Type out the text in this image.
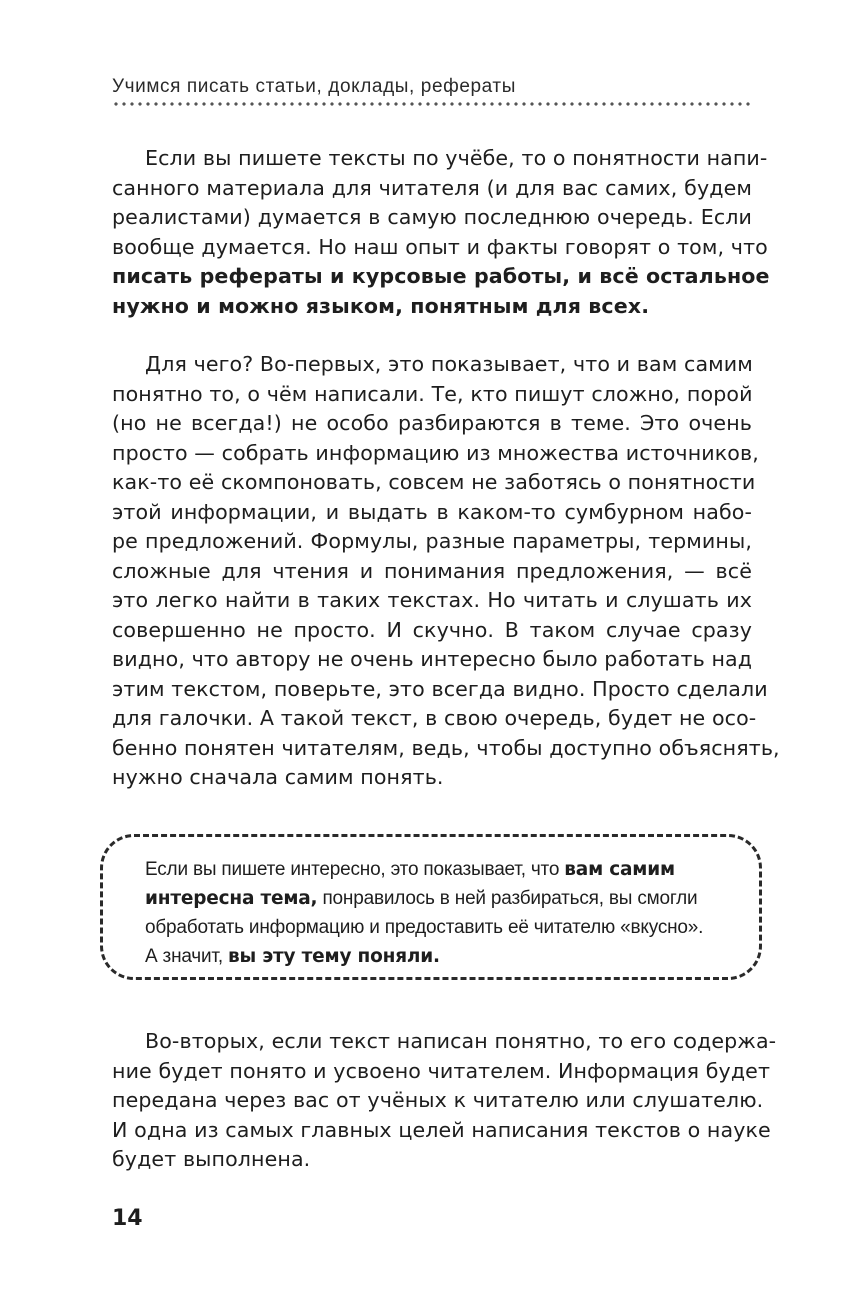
Учимся писать статьи, доклады, рефераты
Если вы пишете тексты по учёбе, то о понятности напи-
санного материала для читателя (и для вас самих, будем
реалистами) думается в самую последнюю очередь. Если
вообще думается. Но наш опыт и факты говорят о том, что
писать рефераты и курсовые работы, и всё остальное
нужно и можно языком, понятным для всех.
Для чего? Во-первых, это показывает, что и вам самим
понятно то, о чём написали. Те, кто пишут сложно, порой
(но не всегда!) не особо разбираются в теме. Это очень
просто — собрать информацию из множества источников,
как-то её скомпоновать, совсем не заботясь о понятности
этой информации, и выдать в каком-то сумбурном набо-
ре предложений. Формулы, разные параметры, термины,
сложные для чтения и понимания предложения, — всё
это легко найти в таких текстах. Но читать и слушать их
совершенно не просто. И скучно. В таком случае сразу
видно, что автору не очень интересно было работать над
этим текстом, поверьте, это всегда видно. Просто сделали
для галочки. А такой текст, в свою очередь, будет не осо-
бенно понятен читателям, ведь, чтобы доступно объяснять,
нужно сначала самим понять.
Если вы пишете интересно, это показывает, что вам самим
интересна тема, понравилось в ней разбираться, вы смогли
обработать информацию и предоставить её читателю «вкусно».
А значит, вы эту тему поняли.
Во-вторых, если текст написан понятно, то его содержа-
ние будет понято и усвоено читателем. Информация будет
передана через вас от учёных к читателю или слушателю.
И одна из самых главных целей написания текстов о науке
будет выполнена.
14
